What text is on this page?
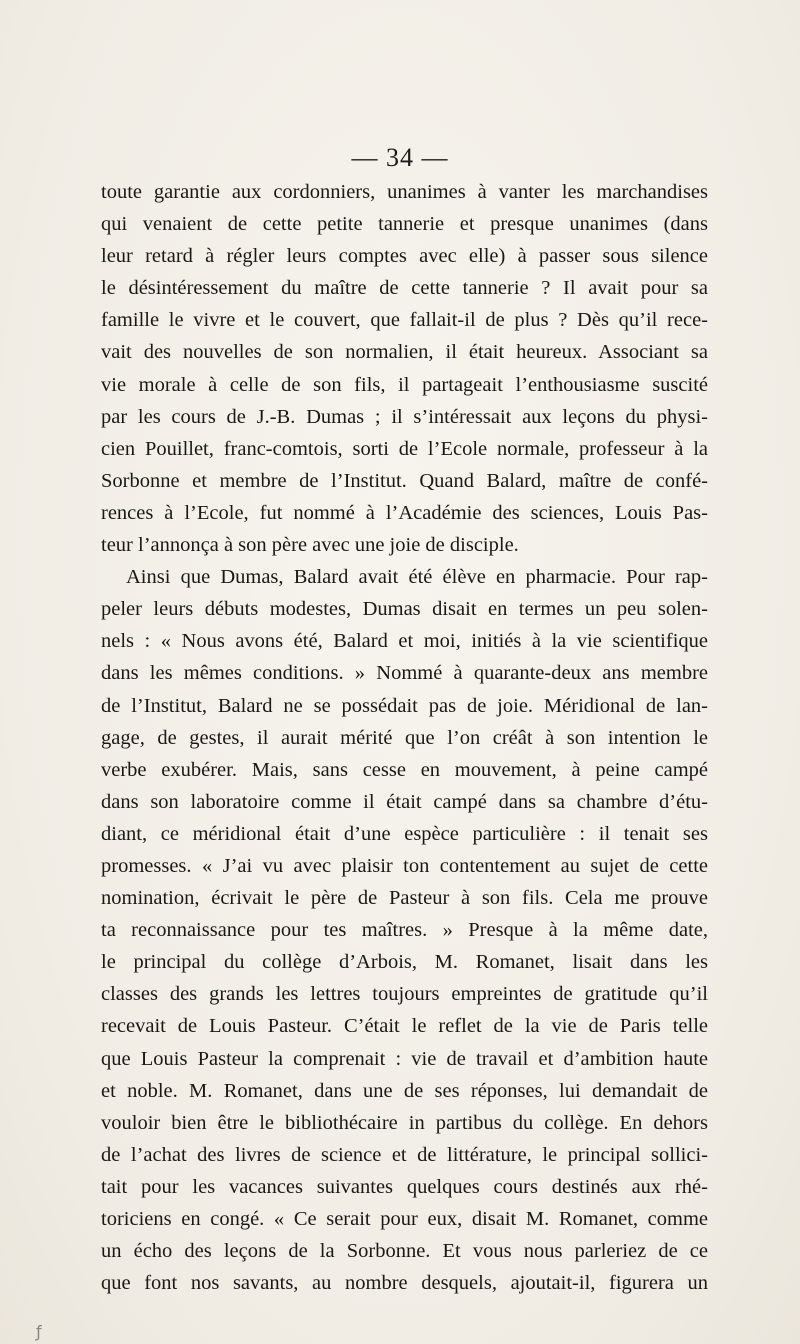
— 34 —

toute garantie aux cordonniers, unanimes à vanter les marchandises

qui venaient de cette petite tannerie et presque unanimes (dans

leur retard à régler leurs comptes avec elle) à passer sous silence

le désintéressement du maître de cette tannerie ? Il avait pour sa

famille le vivre et le couvert, que fallait-il de plus ? Dès qu’il rece-

vait des nouvelles de son normalien, il était heureux. Associant sa

vie morale à celle de son fils, il partageait l’enthousiasme suscité

par les cours de J.-B. Dumas ; il s’intéressait aux leçons du physi-

cien Pouillet, franc-comtois, sorti de l’Ecole normale, professeur à la

Sorbonne et membre de l’Institut. Quand Balard, maître de confé-

rences à l’Ecole, fut nommé à l’Académie des sciences, Louis Pas-

teur l’annonça à son père avec une joie de disciple.

Ainsi que Dumas, Balard avait été élève en pharmacie. Pour rap-

peler leurs débuts modestes, Dumas disait en termes un peu solen-

nels : « Nous avons été, Balard et moi, initiés à la vie scientifique

dans les mêmes conditions. » Nommé à quarante-deux ans membre

de l’Institut, Balard ne se possédait pas de joie. Méridional de lan-

gage, de gestes, il aurait mérité que l’on créât à son intention le

verbe exubérer. Mais, sans cesse en mouvement, à peine campé

dans son laboratoire comme il était campé dans sa chambre d’étu-

diant, ce méridional était d’une espèce particulière : il tenait ses

promesses. « J’ai vu avec plaisir ton contentement au sujet de cette

nomination, écrivait le père de Pasteur à son fils. Cela me prouve

ta reconnaissance pour tes maîtres. » Presque à la même date,

le principal du collège d’Arbois, M. Romanet, lisait dans les

classes des grands les lettres toujours empreintes de gratitude qu’il

recevait de Louis Pasteur. C’était le reflet de la vie de Paris telle

que Louis Pasteur la comprenait : vie de travail et d’ambition haute

et noble. M. Romanet, dans une de ses réponses, lui demandait de

vouloir bien être le bibliothécaire in partibus du collège. En dehors

de l’achat des livres de science et de littérature, le principal sollici-

tait pour les vacances suivantes quelques cours destinés aux rhé-

toriciens en congé. « Ce serait pour eux, disait M. Romanet, comme

un écho des leçons de la Sorbonne. Et vous nous parleriez de ce

que font nos savants, au nombre desquels, ajoutait-il, figurera un

ƒ
